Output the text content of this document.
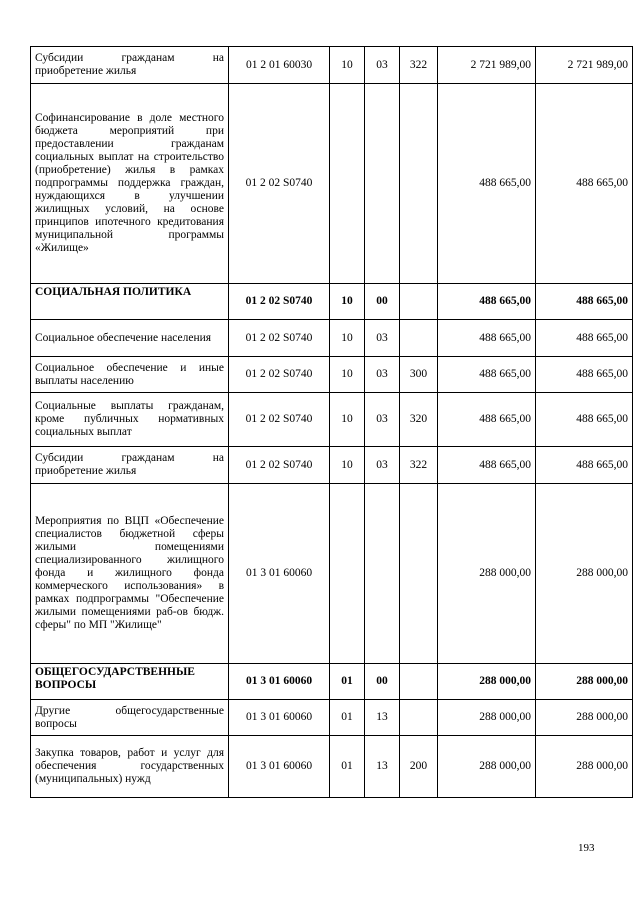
Субсидии гражданам на приобретение жилья	01 2 01 60030	10	03	322	2 721 989,00	2 721 989,00
Софинансирование в доле местного бюджета мероприятий при предоставлении гражданам социальных выплат на строительство (приобретение) жилья в рамках подпрограммы поддержка граждан, нуждающихся в улучшении жилищных условий, на основе принципов ипотечного кредитования муниципальной программы «Жилище»	01 2 02 S0740				488 665,00	488 665,00
СОЦИАЛЬНАЯ ПОЛИТИКА	01 2 02 S0740	10	00		488 665,00	488 665,00
Социальное обеспечение населения	01 2 02 S0740	10	03		488 665,00	488 665,00
Социальное обеспечение и иные выплаты населению	01 2 02 S0740	10	03	300	488 665,00	488 665,00
Социальные выплаты гражданам, кроме публичных нормативных социальных выплат	01 2 02 S0740	10	03	320	488 665,00	488 665,00
Субсидии гражданам на приобретение жилья	01 2 02 S0740	10	03	322	488 665,00	488 665,00
Мероприятия по ВЦП «Обеспечение специалистов бюджетной сферы жилыми помещениями специализированного жилищного фонда и жилищного фонда коммерческого использования» в рамках подпрограммы "Обеспечение жилыми помещениями раб-ов бюдж. сферы" по МП "Жилище"	01 3 01 60060				288 000,00	288 000,00
ОБЩЕГОСУДАРСТВЕННЫЕ ВОПРОСЫ	01 3 01 60060	01	00		288 000,00	288 000,00
Другие общегосударственные вопросы	01 3 01 60060	01	13		288 000,00	288 000,00
Закупка товаров, работ и услуг для обеспечения государственных (муниципальных) нужд	01 3 01 60060	01	13	200	288 000,00	288 000,00
193
